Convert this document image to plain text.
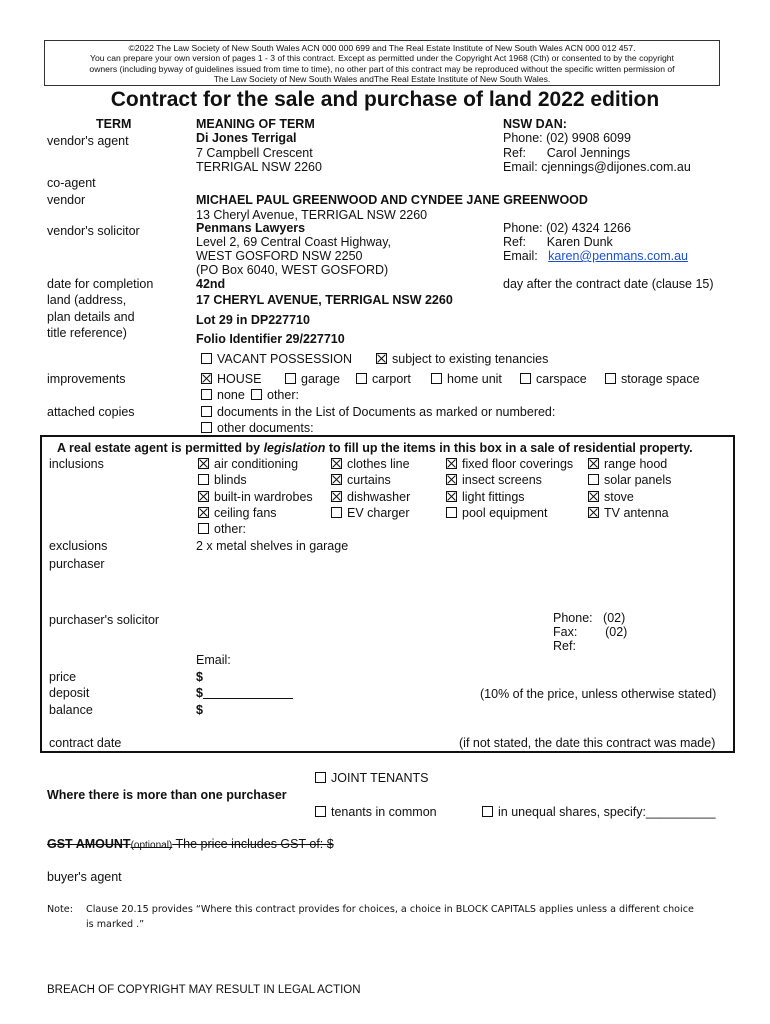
©2022 The Law Society of New South Wales ACN 000 000 699 and The Real Estate Institute of New South Wales ACN 000 012 457.
You can prepare your own version of pages 1 - 3 of this contract. Except as permitted under the Copyright Act 1968 (Cth) or consented to by the copyright
owners (including byway of guidelines issued from time to time), no other part of this contract may be reproduced without the specific written permission of
The Law Society of New South Wales andThe Real Estate Institute of New South Wales.
Contract for the sale and purchase of land 2022 edition
TERM	MEANING OF TERM	NSW DAN:
vendor's agent	Di Jones Terrigal
7 Campbell Crescent
TERRIGAL NSW 2260
Phone: (02) 9908 6099
Ref: Carol Jennings
Email: cjennings@dijones.com.au
co-agent
vendor	MICHAEL PAUL GREENWOOD AND CYNDEE JANE GREENWOOD
13 Cheryl Avenue, TERRIGAL NSW 2260
vendor's solicitor	Penmans Lawyers
Level 2, 69 Central Coast Highway,
WEST GOSFORD NSW 2250
(PO Box 6040, WEST GOSFORD)
Phone: (02) 4324 1266
Ref: Karen Dunk
Email: karen@penmans.com.au
date for completion	42nd	day after the contract date (clause 15)
land (address,
plan details and
title reference)
17 CHERYL AVENUE, TERRIGAL NSW 2260
Lot 29 in DP227710
Folio Identifier 29/227710
VACANT POSSESSION	subject to existing tenancies
improvements	HOUSE	garage	carport	home unit	carspace	storage space
none	other:
attached copies	documents in the List of Documents as marked or numbered:
other documents:
A real estate agent is permitted by legislation to fill up the items in this box in a sale of residential property.
inclusions	air conditioning	clothes line	fixed floor coverings	range hood
blinds	curtains	insect screens	solar panels
built-in wardrobes	dishwasher	light fittings	stove
ceiling fans	EV charger	pool equipment	TV antenna
other:
exclusions	2 x metal shelves in garage
purchaser
purchaser's solicitor	Phone: (02)
Fax: (02)
Ref:
Email:
price	$
deposit	$	(10% of the price, unless otherwise stated)
balance	$
contract date	(if not stated, the date this contract was made)
JOINT TENANTS
Where there is more than one purchaser
tenants in common	in unequal shares, specify:__________
GST AMOUNT(optional) The price includes GST of: $
buyer's agent
Note: Clause 20.15 provides “Where this contract provides for choices, a choice in BLOCK CAPITALS applies unless a different choice
is marked .”
BREACH OF COPYRIGHT MAY RESULT IN LEGAL ACTION
